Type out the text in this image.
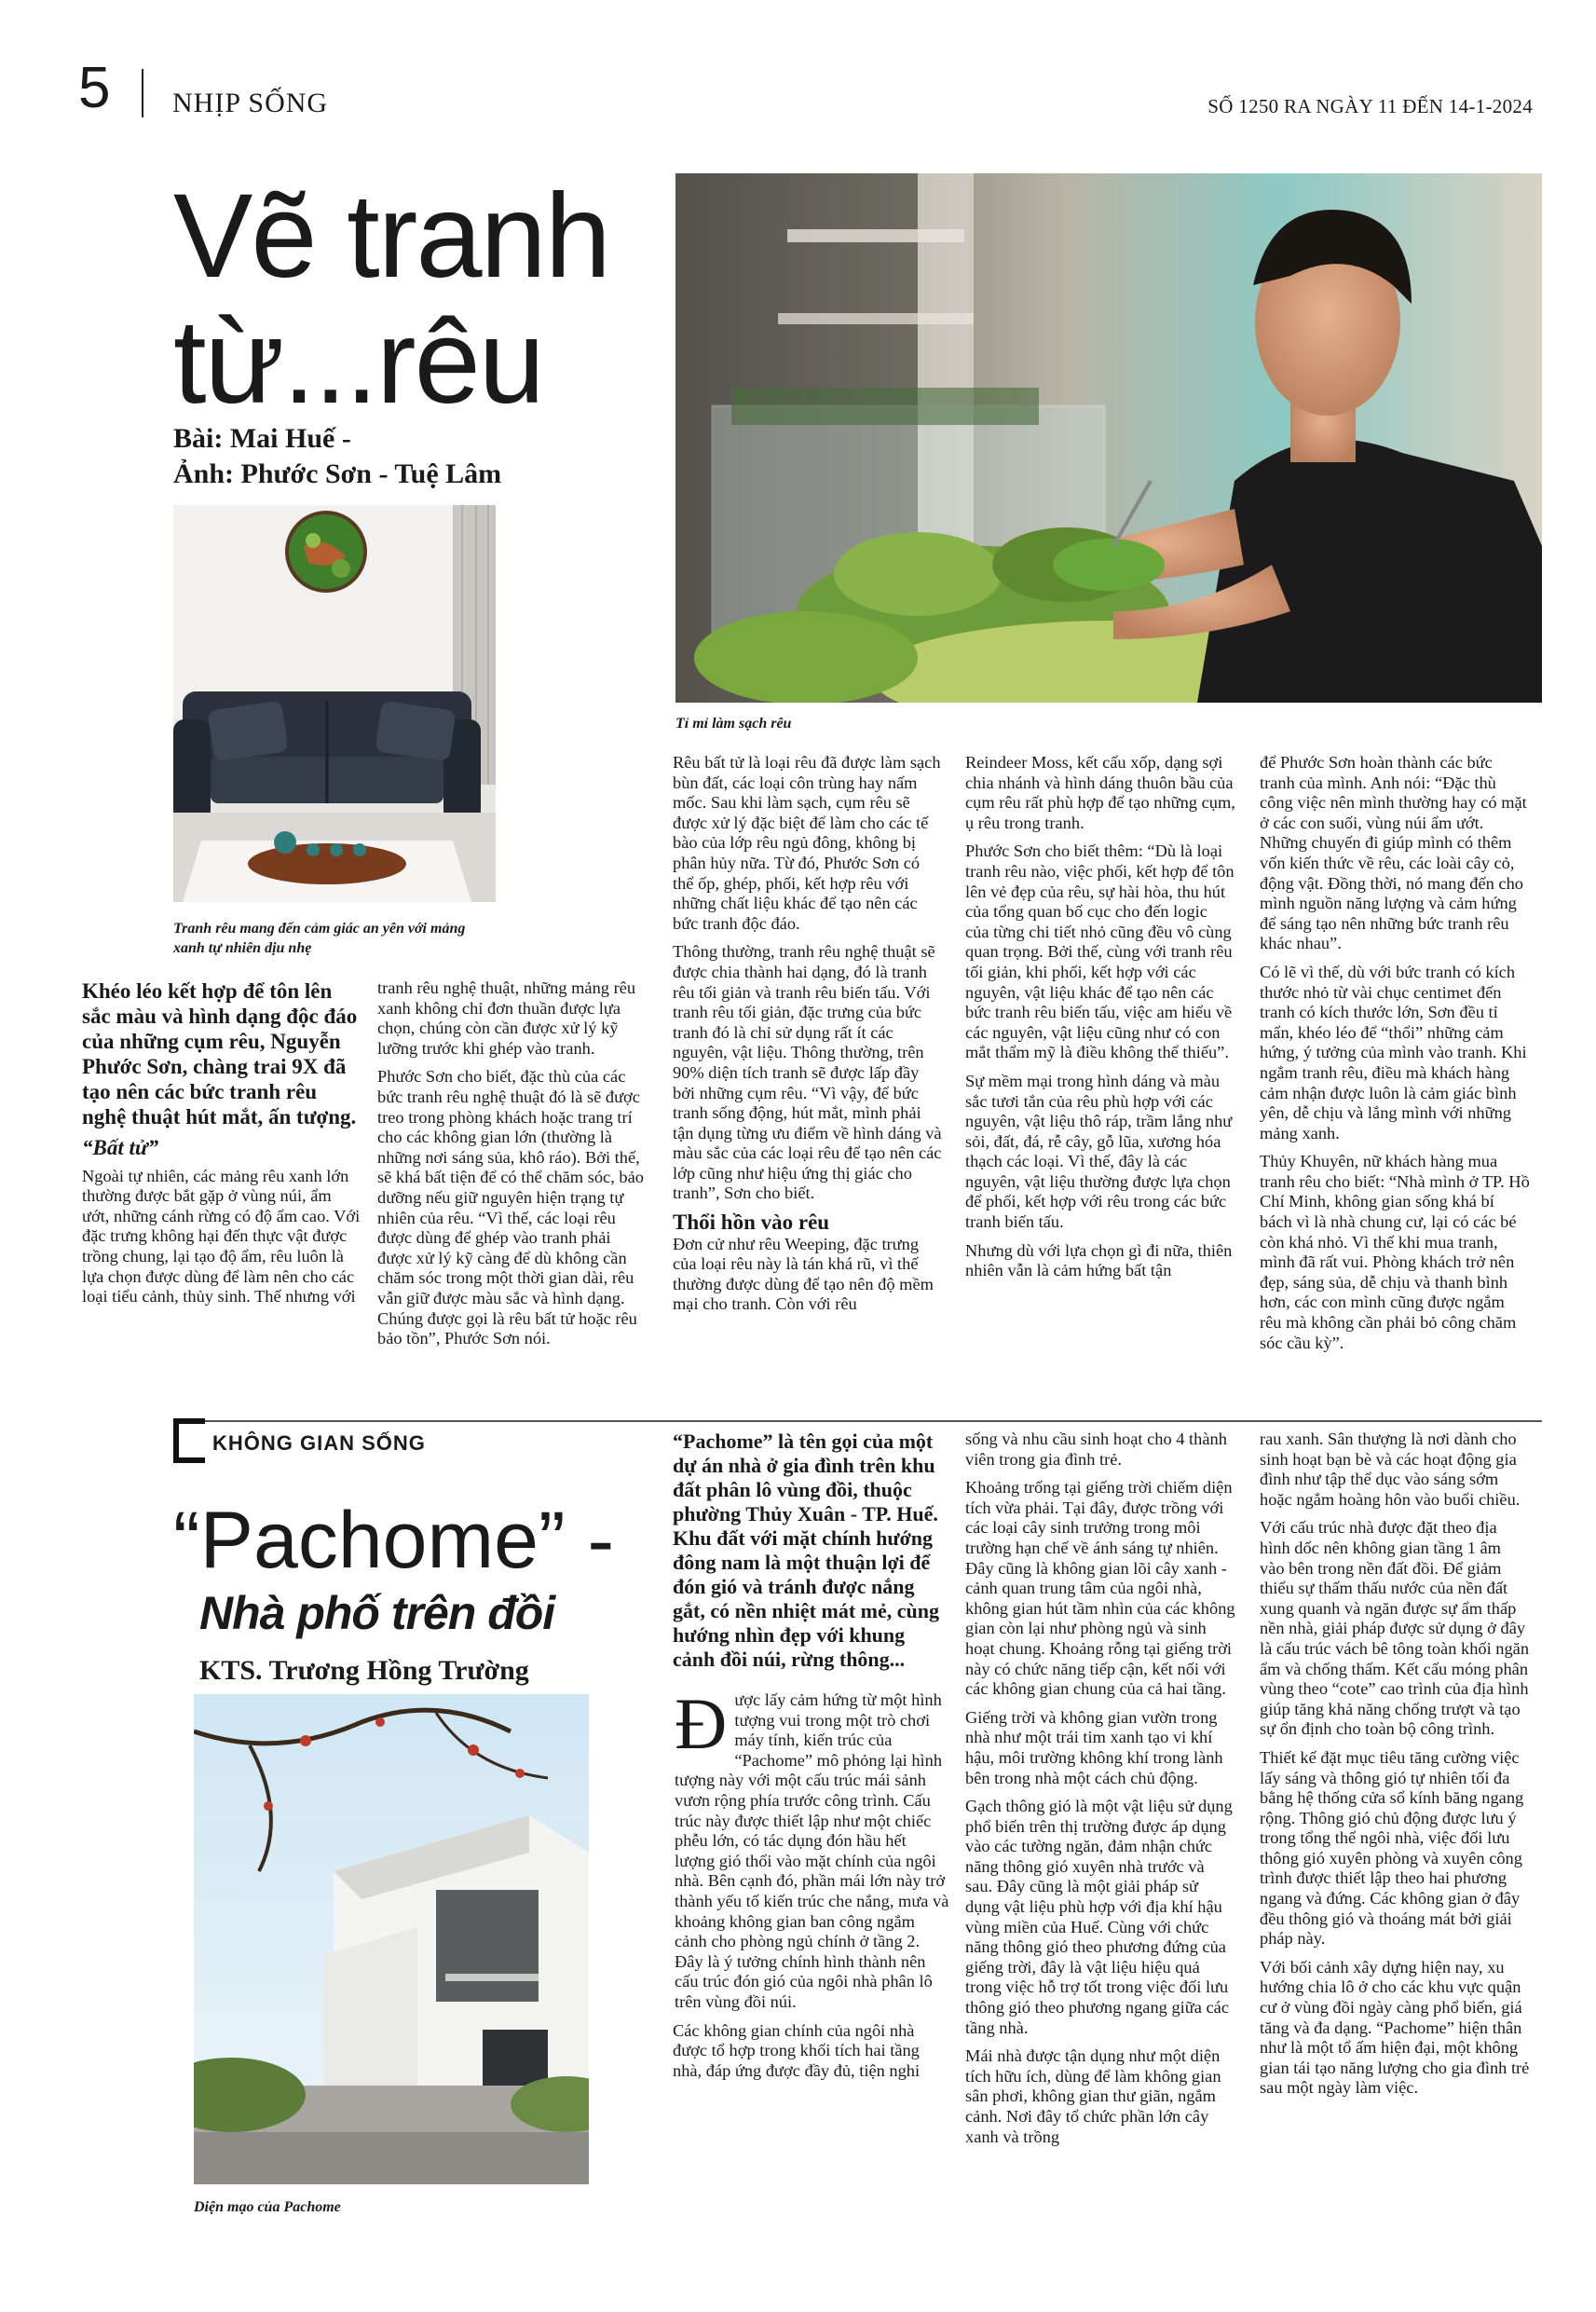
5 NHỊP SỐNG	SỐ 1250 RA NGÀY 11 ĐẾN 14-1-2024
Vẽ tranh
từ...rêu
Bài: Mai Huế -
Ảnh: Phước Sơn - Tuệ Lâm
Tỉ mỉ làm sạch rêu
Tranh rêu mang đến cảm giác an yên với mảng xanh tự nhiên dịu nhẹ

Khéo léo kết hợp để tôn lên sắc màu và hình dạng độc đáo của những cụm rêu, Nguyễn Phước Sơn, chàng trai 9X đã tạo nên các bức tranh rêu nghệ thuật hút mắt, ấn tượng.

“Bất tử”

Ngoài tự nhiên, các mảng rêu xanh lớn thường được bắt gặp ở vùng núi, ẩm ướt, những cánh rừng có độ ẩm cao. Với đặc trưng không hại đến thực vật được trồng chung, lại tạo độ ẩm, rêu luôn là lựa chọn được dùng để làm nên cho các loại tiểu cảnh, thủy sinh. Thế nhưng với

tranh rêu nghệ thuật, những mảng rêu xanh không chỉ đơn thuần được lựa chọn, chúng còn cần được xử lý kỹ lưỡng trước khi ghép vào tranh.

Phước Sơn cho biết, đặc thù của các bức tranh rêu nghệ thuật đó là sẽ được treo trong phòng khách hoặc trang trí cho các không gian lớn (thường là những nơi sáng sủa, khô ráo). Bởi thế, sẽ khá bất tiện để có thể chăm sóc, bảo dưỡng nếu giữ nguyên hiện trạng tự nhiên của rêu. “Vì thế, các loại rêu được dùng để ghép vào tranh phải được xử lý kỹ càng để dù không cần chăm sóc trong một thời gian dài, rêu vẫn giữ được màu sắc và hình dạng. Chúng được gọi là rêu bất tử hoặc rêu bảo tồn”, Phước Sơn nói.

Rêu bất tử là loại rêu đã được làm sạch bùn đất, các loại côn trùng hay nấm mốc. Sau khi làm sạch, cụm rêu sẽ được xử lý đặc biệt để làm cho các tế bào của lớp rêu ngủ đông, không bị phân hủy nữa. Từ đó, Phước Sơn có thể ốp, ghép, phối, kết hợp rêu với những chất liệu khác để tạo nên các bức tranh độc đáo.

Thông thường, tranh rêu nghệ thuật sẽ được chia thành hai dạng, đó là tranh rêu tối giản và tranh rêu biến tấu. Với tranh rêu tối giản, đặc trưng của bức tranh đó là chỉ sử dụng rất ít các nguyên, vật liệu. Thông thường, trên 90% diện tích tranh sẽ được lấp đầy bởi những cụm rêu. “Vì vậy, để bức tranh sống động, hút mắt, mình phải tận dụng từng ưu điểm về hình dáng và màu sắc của các loại rêu để tạo nên các lớp cũng như hiệu ứng thị giác cho tranh”, Sơn cho biết.

Thổi hồn vào rêu

Đơn cử như rêu Weeping, đặc trưng của loại rêu này là tán khá rũ, vì thế thường được dùng để tạo nên độ mềm mại cho tranh. Còn với rêu

Reindeer Moss, kết cấu xốp, dạng sợi chia nhánh và hình dáng thuôn bầu của cụm rêu rất phù hợp để tạo những cụm, ụ rêu trong tranh.

Phước Sơn cho biết thêm: “Dù là loại tranh rêu nào, việc phối, kết hợp để tôn lên vẻ đẹp của rêu, sự hài hòa, thu hút của tổng quan bố cục cho đến logic của từng chi tiết nhỏ cũng đều vô cùng quan trọng. Bởi thế, cùng với tranh rêu tối giản, khi phối, kết hợp với các nguyên, vật liệu khác để tạo nên các bức tranh rêu biến tấu, việc am hiểu về các nguyên, vật liệu cũng như có con mắt thẩm mỹ là điều không thể thiếu”.

Sự mềm mại trong hình dáng và màu sắc tươi tắn của rêu phù hợp với các nguyên, vật liệu thô ráp, trầm lắng như sỏi, đất, đá, rễ cây, gỗ lũa, xương hóa thạch các loại. Vì thế, đây là các nguyên, vật liệu thường được lựa chọn để phối, kết hợp với rêu trong các bức tranh biến tấu.

Nhưng dù với lựa chọn gì đi nữa, thiên nhiên vẫn là cảm hứng bất tận

để Phước Sơn hoàn thành các bức tranh của mình. Anh nói: “Đặc thù công việc nên mình thường hay có mặt ở các con suối, vùng núi ẩm ướt. Những chuyến đi giúp mình có thêm vốn kiến thức về rêu, các loài cây cỏ, động vật. Đồng thời, nó mang đến cho mình nguồn năng lượng và cảm hứng để sáng tạo nên những bức tranh rêu khác nhau”.

Có lẽ vì thế, dù với bức tranh có kích thước nhỏ từ vài chục centimet đến tranh có kích thước lớn, Sơn đều tỉ mẩn, khéo léo để “thổi” những cảm hứng, ý tưởng của mình vào tranh. Khi ngắm tranh rêu, điều mà khách hàng cảm nhận được luôn là cảm giác bình yên, dễ chịu và lắng mình với những mảng xanh.

Thủy Khuyên, nữ khách hàng mua tranh rêu cho biết: “Nhà mình ở TP. Hồ Chí Minh, không gian sống khá bí bách vì là nhà chung cư, lại có các bé còn khá nhỏ. Vì thế khi mua tranh, mình đã rất vui. Phòng khách trở nên đẹp, sáng sủa, dễ chịu và thanh bình hơn, các con mình cũng được ngắm rêu mà không cần phải bỏ công chăm sóc cầu kỳ”.

KHÔNG GIAN SỐNG
“Pachome” -
Nhà phố trên đồi
KTS. Trương Hồng Trường
Diện mạo của Pachome

“Pachome” là tên gọi của một dự án nhà ở gia đình trên khu đất phân lô vùng đồi, thuộc phường Thủy Xuân - TP. Huế. Khu đất với mặt chính hướng đông nam là một thuận lợi để đón gió và tránh được nắng gắt, có nền nhiệt mát mẻ, cùng hướng nhìn đẹp với khung cảnh đồi núi, rừng thông...

Đ ược lấy cảm hứng từ một hình tượng vui trong một trò chơi máy tính, kiến trúc của “Pachome” mô phỏng lại hình tượng này với một cấu trúc mái sảnh vươn rộng phía trước công trình. Cấu trúc này được thiết lập như một chiếc phễu lớn, có tác dụng đón hầu hết lượng gió thổi vào mặt chính của ngôi nhà. Bên cạnh đó, phần mái lớn này trở thành yếu tố kiến trúc che nắng, mưa và khoảng không gian ban công ngắm cảnh cho phòng ngủ chính ở tầng 2. Đây là ý tưởng chính hình thành nên cấu trúc đón gió của ngôi nhà phân lô trên vùng đồi núi.

Các không gian chính của ngôi nhà được tổ hợp trong khối tích hai tầng nhà, đáp ứng được đầy đủ, tiện nghi

sống và nhu cầu sinh hoạt cho 4 thành viên trong gia đình trẻ.

Khoảng trống tại giếng trời chiếm diện tích vừa phải. Tại đây, được trồng với các loại cây sinh trưởng trong môi trường hạn chế về ánh sáng tự nhiên. Đây cũng là không gian lõi cây xanh - cảnh quan trung tâm của ngôi nhà, không gian hút tầm nhìn của các không gian còn lại như phòng ngủ và sinh hoạt chung. Khoảng rỗng tại giếng trời này có chức năng tiếp cận, kết nối với các không gian chung của cả hai tầng.

Giếng trời và không gian vườn trong nhà như một trái tim xanh tạo vi khí hậu, môi trường không khí trong lành bên trong nhà một cách chủ động.

Gạch thông gió là một vật liệu sử dụng phổ biến trên thị trường được áp dụng vào các tường ngăn, đảm nhận chức năng thông gió xuyên nhà trước và sau. Đây cũng là một giải pháp sử dụng vật liệu phù hợp với địa khí hậu vùng miền của Huế. Cùng với chức năng thông gió theo phương đứng của giếng trời, đây là vật liệu hiệu quả trong việc hỗ trợ tốt trong việc đối lưu thông gió theo phương ngang giữa các tầng nhà.

Mái nhà được tận dụng như một diện tích hữu ích, dùng để làm không gian sân phơi, không gian thư giãn, ngắm cảnh. Nơi đây tổ chức phần lớn cây xanh và trồng

rau xanh. Sân thượng là nơi dành cho sinh hoạt bạn bè và các hoạt động gia đình như tập thể dục vào sáng sớm hoặc ngắm hoàng hôn vào buổi chiều.

Với cấu trúc nhà được đặt theo địa hình dốc nên không gian tầng 1 âm vào bên trong nền đất đồi. Để giảm thiểu sự thấm thấu nước của nền đất xung quanh và ngăn được sự ẩm thấp nền nhà, giải pháp được sử dụng ở đây là cấu trúc vách bê tông toàn khối ngăn ẩm và chống thấm. Kết cấu móng phân vùng theo “cote” cao trình của địa hình giúp tăng khả năng chống trượt và tạo sự ổn định cho toàn bộ công trình.

Thiết kế đặt mục tiêu tăng cường việc lấy sáng và thông gió tự nhiên tối đa bằng hệ thống cửa sổ kính băng ngang rộng. Thông gió chủ động được lưu ý trong tổng thể ngôi nhà, việc đối lưu thông gió xuyên phòng và xuyên công trình được thiết lập theo hai phương ngang và đứng. Các không gian ở đây đều thông gió và thoáng mát bởi giải pháp này.

Với bối cảnh xây dựng hiện nay, xu hướng chia lô ở cho các khu vực quận cư ở vùng đồi ngày càng phổ biến, giá tăng và đa dạng. “Pachome” hiện thân như là một tổ ấm hiện đại, một không gian tái tạo năng lượng cho gia đình trẻ sau một ngày làm việc.
